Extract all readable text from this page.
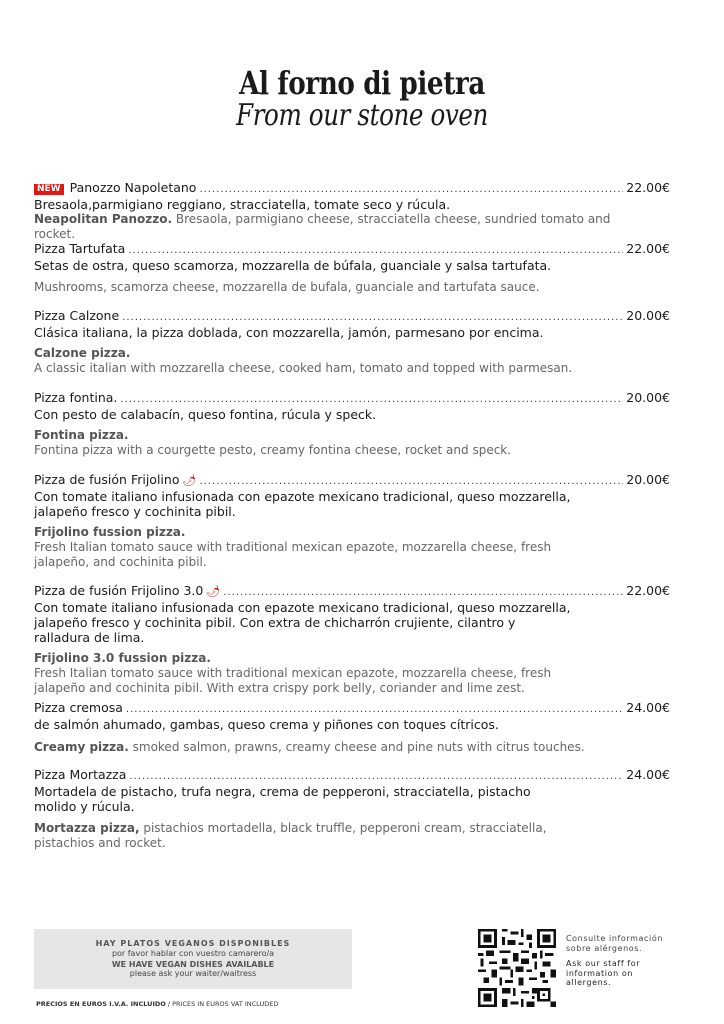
Al forno di pietra
From our stone oven
NEW Panozzo Napoletano .....	22.00€
Bresaola,parmigiano reggiano, stracciatella, tomate seco y rúcula.
Neapolitan Panozzo. Bresaola, parmigiano cheese, stracciatella cheese, sundried tomato and rocket.
Pizza Tartufata .....	22.00€
Setas de ostra, queso scamorza, mozzarella de búfala, guanciale y salsa tartufata.
Mushrooms, scamorza cheese, mozzarella de bufala, guanciale and tartufata sauce.
Pizza Calzone .....	20.00€
Clásica italiana, la pizza doblada, con mozzarella, jamón, parmesano por encima.
Calzone pizza.
A classic italian with mozzarella cheese, cooked ham, tomato and topped with parmesan.
Pizza fontina. .....	20.00€
Con pesto de calabacín, queso fontina, rúcula y speck.
Fontina pizza.
Fontina pizza with a courgette pesto, creamy fontina cheese, rocket and speck.
Pizza de fusión Frijolino 🌶 .....	20.00€
Con tomate italiano infusionada con epazote mexicano tradicional, queso mozzarella, jalapeño fresco y cochinita pibil.
Frijolino fussion pizza.
Fresh Italian tomato sauce with traditional mexican epazote, mozzarella cheese, fresh jalapeño, and cochinita pibil.
Pizza de fusión Frijolino 3.0 🌶 .....	22.00€
Con tomate italiano infusionada con epazote mexicano tradicional, queso mozzarella, jalapeño fresco y cochinita pibil. Con extra de chicharrón crujiente, cilantro y ralladura de lima.
Frijolino 3.0 fussion pizza.
Fresh Italian tomato sauce with traditional mexican epazote, mozzarella cheese, fresh jalapeño and cochinita pibil. With extra crispy pork belly, coriander and lime zest.
Pizza cremosa .....	24.00€
de salmón ahumado, gambas, queso crema y piñones con toques cítricos.
Creamy pizza. smoked salmon, prawns, creamy cheese and pine nuts with citrus touches.
Pizza Mortazza .....	24.00€
Mortadela de pistacho, trufa negra, crema de pepperoni, stracciatella, pistacho molido y rúcula.
Mortazza pizza, pistachios mortadella, black truffle, pepperoni cream, stracciatella, pistachios and rocket.
HAY PLATOS VEGANOS DISPONIBLES
por favor hablar con vuestro camarero/a
WE HAVE VEGAN DISHES AVAILABLE
please ask your waiter/waitress
PRECIOS EN EUROS I.V.A. INCLUIDO / PRICES IN EUROS VAT INCLUDED
Consulte información sobre alérgenos.
Ask our staff for information on allergens.
